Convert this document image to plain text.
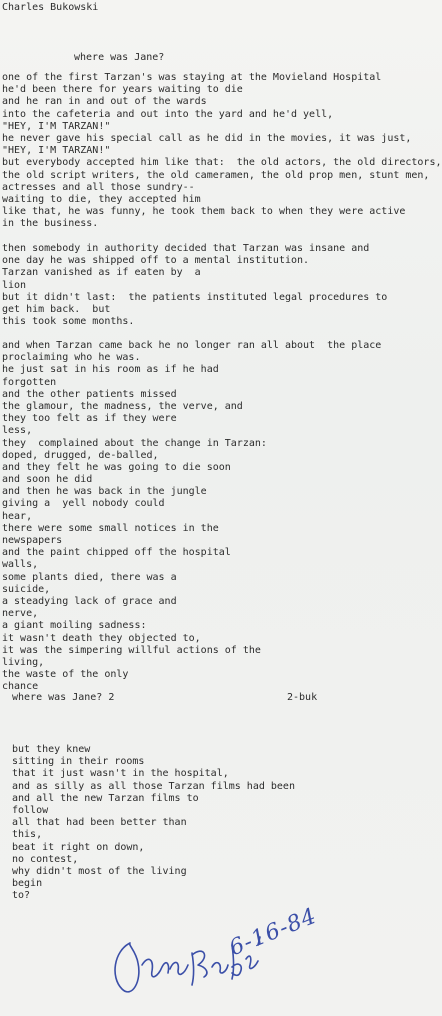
Charles Bukowski
where was Jane?
one of the first Tarzan's was staying at the Movieland Hospital
he'd been there for years waiting to die
and he ran in and out of the wards
into the cafeteria and out into the yard and he'd yell,
"HEY, I'M TARZAN!"
he never gave his special call as he did in the movies, it was just,
"HEY, I'M TARZAN!"
but everybody accepted him like that:  the old actors, the old directors,
the old script writers, the old cameramen, the old prop men, stunt men,
actresses and all those sundry--
waiting to die, they accepted him
like that, he was funny, he took them back to when they were active
in the business.
then somebody in authority decided that Tarzan was insane and
one day he was shipped off to a mental institution.
Tarzan vanished as if eaten by  a
lion
but it didn't last:  the patients instituted legal procedures to
get him back.  but
this took some months.
and when Tarzan came back he no longer ran all about  the place
proclaiming who he was.
he just sat in his room as if he had
forgotten
and the other patients missed
the glamour, the madness, the verve, and
they too felt as if they were
less,
they  complained about the change in Tarzan:
doped, drugged, de-balled,
and they felt he was going to die soon
and soon he did
and then he was back in the jungle
giving a  yell nobody could
hear,
there were some small notices in the
newspapers
and the paint chipped off the hospital
walls,
some plants died, there was a
suicide,
a steadying lack of grace and
nerve,
a giant moiling sadness:
it wasn't death they objected to,
it was the simpering willful actions of the
living,
the waste of the only
chance
where was Jane? 2	2-buk
but they knew
sitting in their rooms
that it just wasn't in the hospital,
and as silly as all those Tarzan films had been
and all the new Tarzan films to
follow
all that had been better than
this,
beat it right on down,
no contest,
why didn't most of the living
begin
to?
6-16-84
